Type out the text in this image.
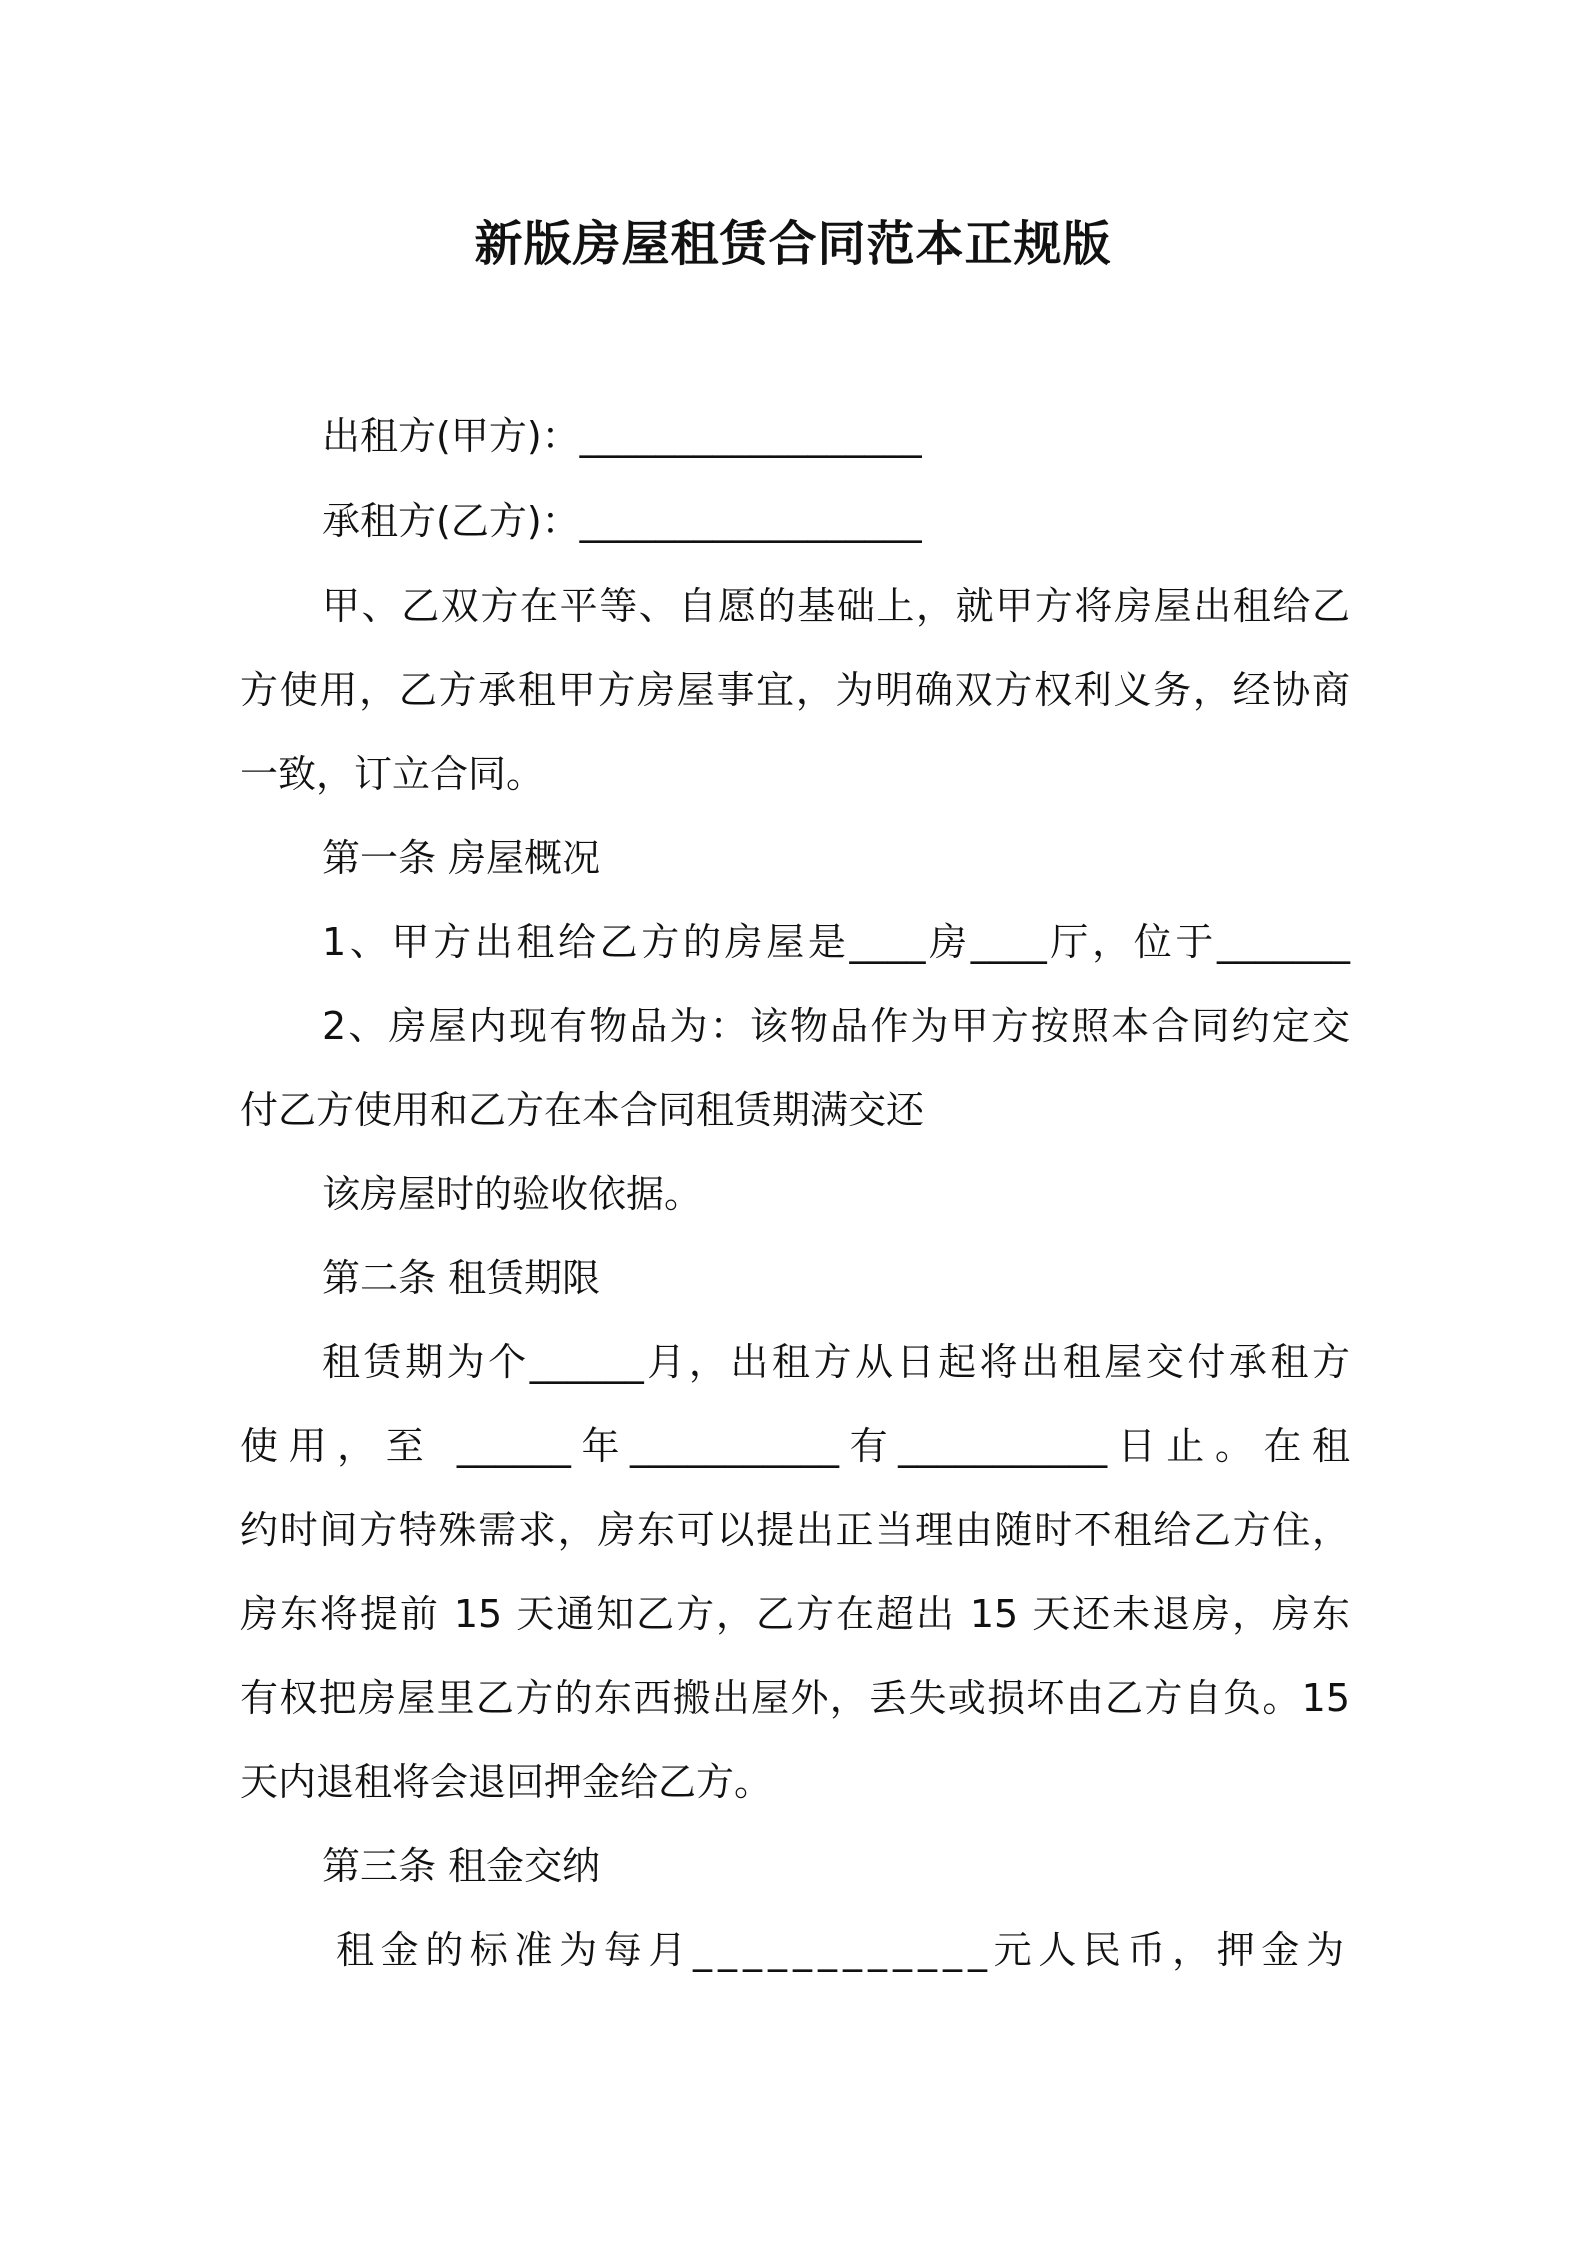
新版房屋租赁合同范本正规版
出租方(甲方)：__________________
承租方(乙方)：__________________
甲、乙双方在平等、自愿的基础上，就甲方将房屋出租给乙
方使用，乙方承租甲方房屋事宜，为明确双方权利义务，经协商
一致，订立合同。
第一条 房屋概况
1、甲方出租给乙方的房屋是____房____厅，位于_______
2、房屋内现有物品为：该物品作为甲方按照本合同约定交
付乙方使用和乙方在本合同租赁期满交还
该房屋时的验收依据。
第二条 租赁期限
租赁期为个______月，出租方从日起将出租屋交付承租方
使用，至 ______年___________有___________日止。在租
约时间方特殊需求，房东可以提出正当理由随时不租给乙方住，
房东将提前 15 天通知乙方，乙方在超出 15 天还未退房，房东
有权把房屋里乙方的东西搬出屋外，丢失或损坏由乙方自负。15
天内退租将会退回押金给乙方。
第三条 租金交纳
租金的标准为每月____________元人民币，押金为
